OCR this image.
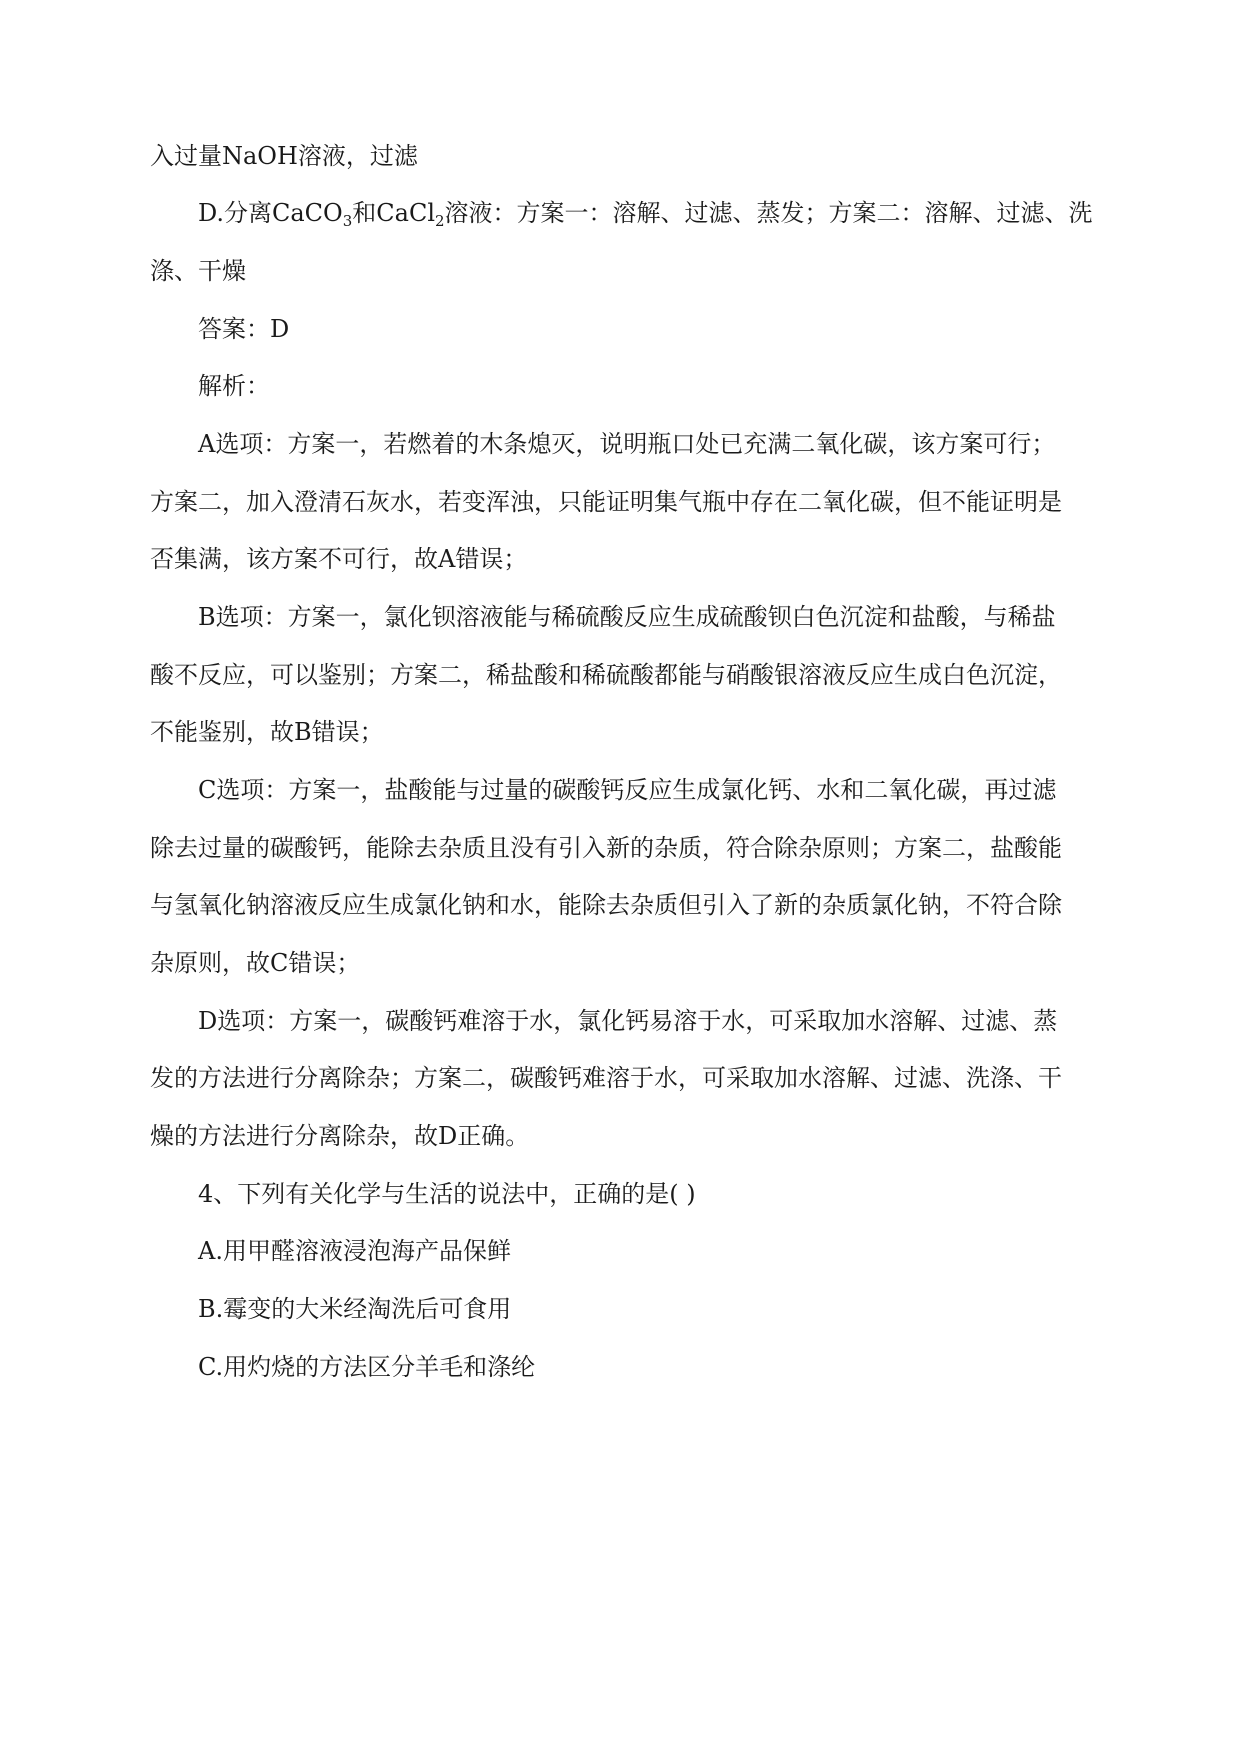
入过量NaOH溶液，过滤
D.分离CaCO$_3$和CaCl$_2$溶液：方案一：溶解、过滤、蒸发；方案二：溶解、过滤、洗
涤、干燥
答案：D
解析：
A选项：方案一，若燃着的木条熄灭，说明瓶口处已充满二氧化碳，该方案可行；
方案二，加入澄清石灰水，若变浑浊，只能证明集气瓶中存在二氧化碳，但不能证明是
否集满，该方案不可行，故A错误；
B选项：方案一，氯化钡溶液能与稀硫酸反应生成硫酸钡白色沉淀和盐酸，与稀盐
酸不反应，可以鉴别；方案二，稀盐酸和稀硫酸都能与硝酸银溶液反应生成白色沉淀，
不能鉴别，故B错误；
C选项：方案一，盐酸能与过量的碳酸钙反应生成氯化钙、水和二氧化碳，再过滤
除去过量的碳酸钙，能除去杂质且没有引入新的杂质，符合除杂原则；方案二，盐酸能
与氢氧化钠溶液反应生成氯化钠和水，能除去杂质但引入了新的杂质氯化钠，不符合除
杂原则，故C错误；
D选项：方案一，碳酸钙难溶于水，氯化钙易溶于水，可采取加水溶解、过滤、蒸
发的方法进行分离除杂；方案二，碳酸钙难溶于水，可采取加水溶解、过滤、洗涤、干
燥的方法进行分离除杂，故D正确。
4、下列有关化学与生活的说法中，正确的是( )
A.用甲醛溶液浸泡海产品保鲜
B.霉变的大米经淘洗后可食用
C.用灼烧的方法区分羊毛和涤纶
